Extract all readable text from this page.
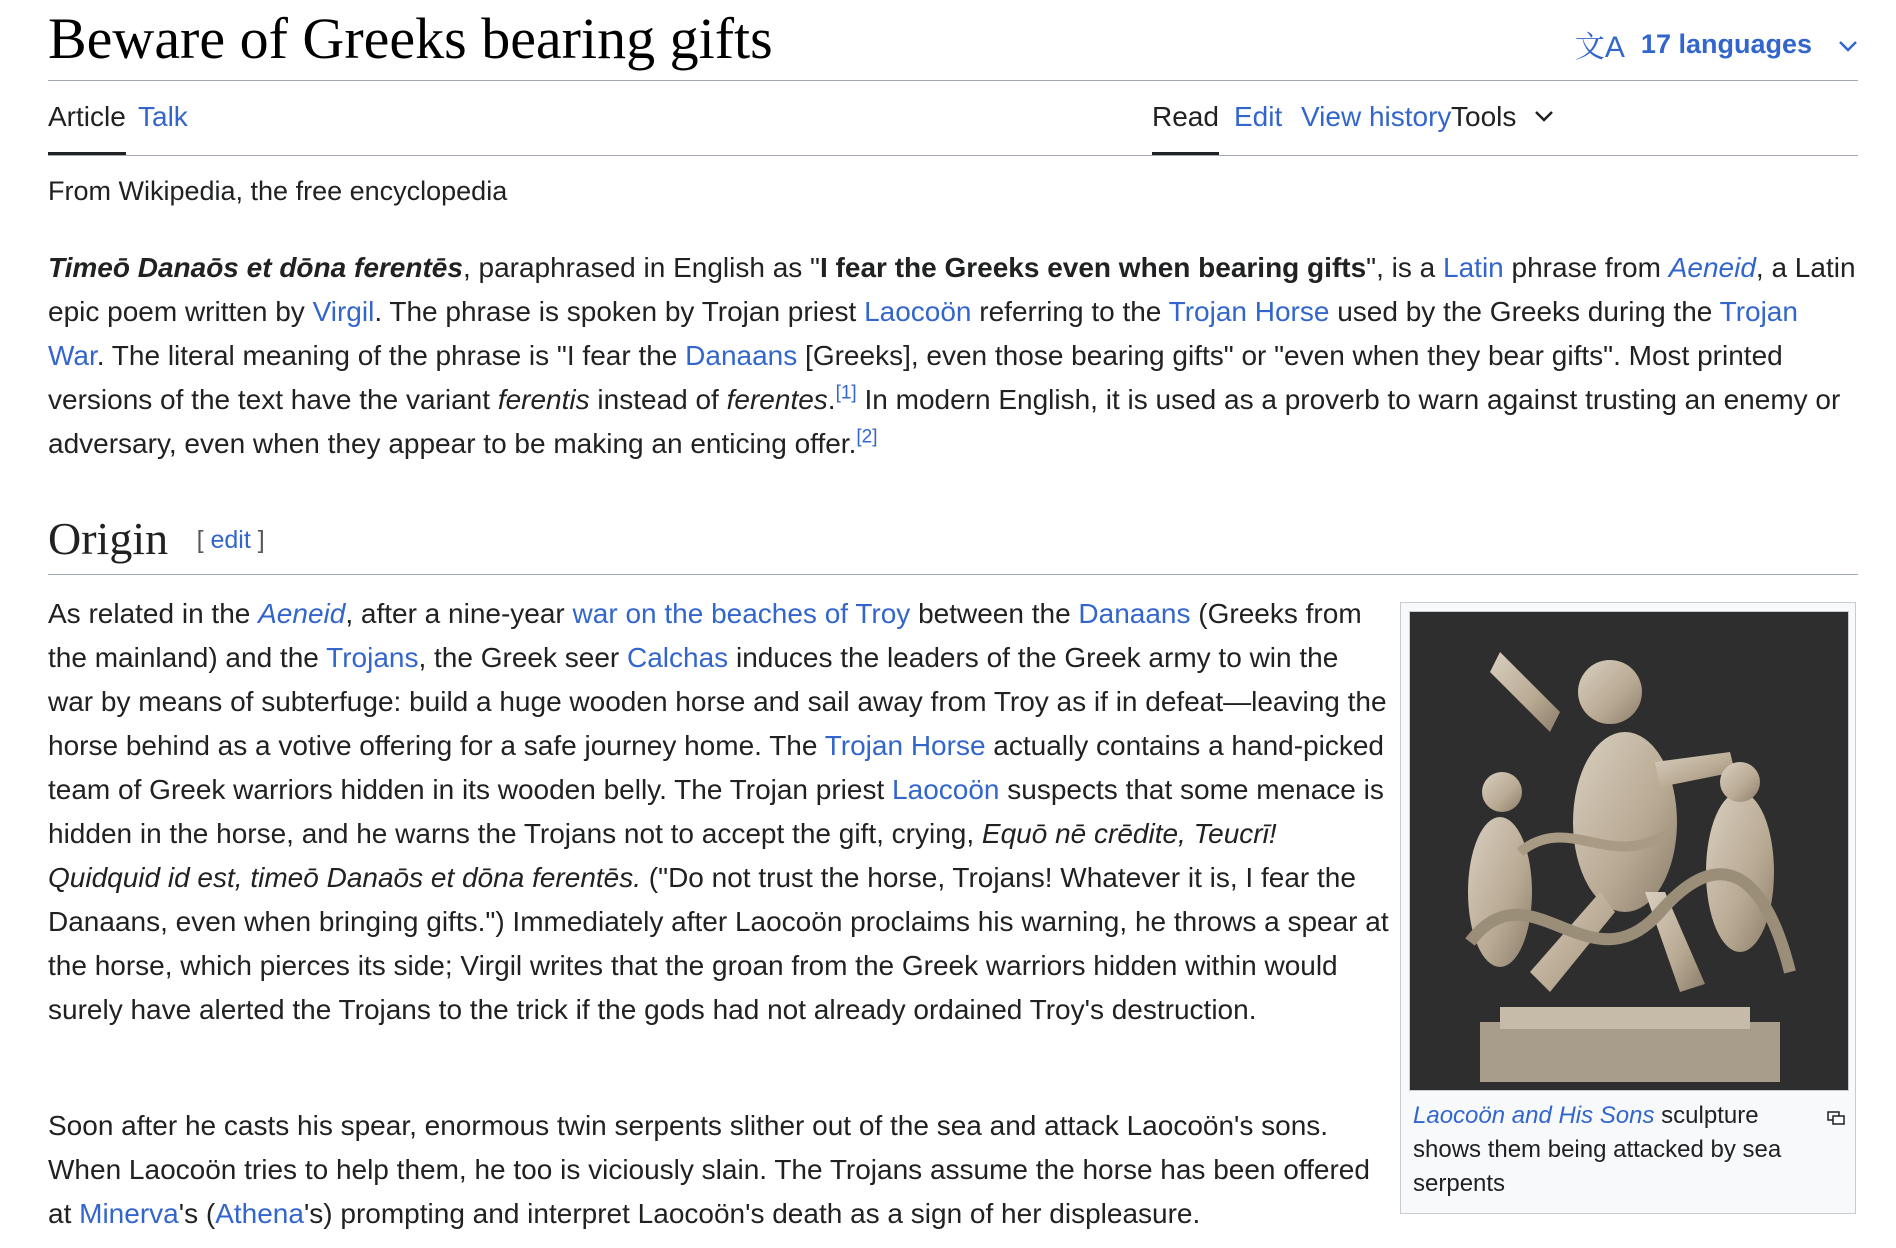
Beware of Greeks bearing gifts	文A 17 languages
Article Talk	Read Edit View history Tools
From Wikipedia, the free encyclopedia

Timeō Danaōs et dōna ferentēs, paraphrased in English as "I fear the Greeks even when bearing gifts", is a Latin phrase from Aeneid, a Latin epic poem written by Virgil. The phrase is spoken by Trojan priest Laocoön referring to the Trojan Horse used by the Greeks during the Trojan War. The literal meaning of the phrase is "I fear the Danaans [Greeks], even those bearing gifts" or "even when they bear gifts". Most printed versions of the text have the variant ferentis instead of ferentes.[1] In modern English, it is used as a proverb to warn against trusting an enemy or adversary, even when they appear to be making an enticing offer.[2]

Origin [ edit ]

As related in the Aeneid, after a nine-year war on the beaches of Troy between the Danaans (Greeks from the mainland) and the Trojans, the Greek seer Calchas induces the leaders of the Greek army to win the war by means of subterfuge: build a huge wooden horse and sail away from Troy as if in defeat—leaving the horse behind as a votive offering for a safe journey home. The Trojan Horse actually contains a hand-picked team of Greek warriors hidden in its wooden belly. The Trojan priest Laocoön suspects that some menace is hidden in the horse, and he warns the Trojans not to accept the gift, crying, Equō nē crēdite, Teucrī! Quidquid id est, timeō Danaōs et dōna ferentēs. ("Do not trust the horse, Trojans! Whatever it is, I fear the Danaans, even when bringing gifts.") Immediately after Laocoön proclaims his warning, he throws a spear at the horse, which pierces its side; Virgil writes that the groan from the Greek warriors hidden within would surely have alerted the Trojans to the trick if the gods had not already ordained Troy's destruction.

Soon after he casts his spear, enormous twin serpents slither out of the sea and attack Laocoön's sons. When Laocoön tries to help them, he too is viciously slain. The Trojans assume the horse has been offered at Minerva's (Athena's) prompting and interpret Laocoön's death as a sign of her displeasure.

Laocoön and His Sons sculpture shows them being attacked by sea serpents
